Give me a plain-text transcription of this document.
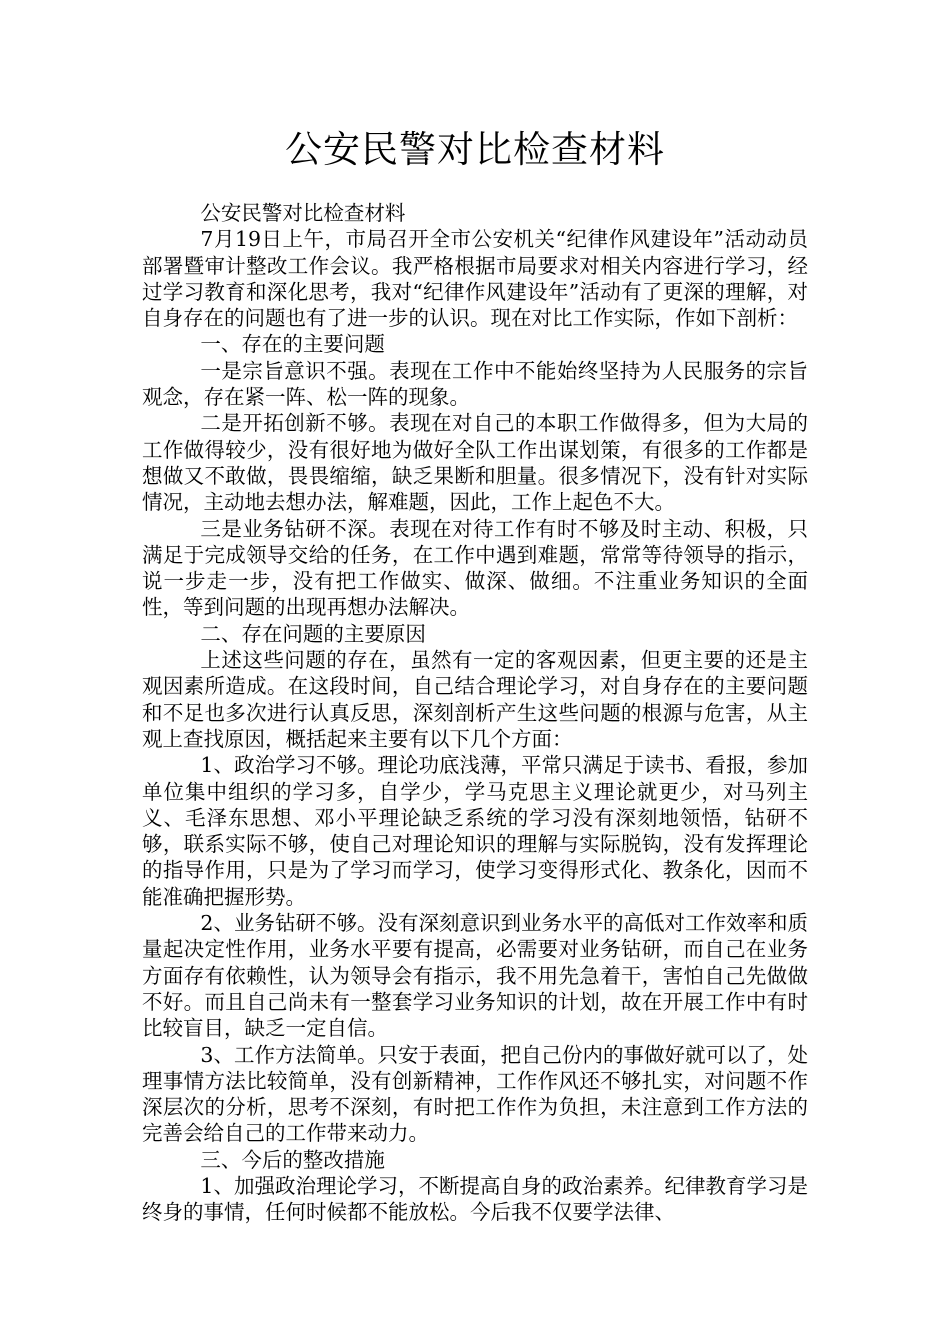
公安民警对比检查材料

公安民警对比检查材料

7月19日上午，市局召开全市公安机关“纪律作风建设年”活动动员部署暨审计整改工作会议。我严格根据市局要求对相关内容进行学习，经过学习教育和深化思考，我对“纪律作风建设年”活动有了更深的理解，对自身存在的问题也有了进一步的认识。现在对比工作实际，作如下剖析：

一、存在的主要问题

一是宗旨意识不强。表现在工作中不能始终坚持为人民服务的宗旨观念，存在紧一阵、松一阵的现象。

二是开拓创新不够。表现在对自己的本职工作做得多，但为大局的工作做得较少，没有很好地为做好全队工作出谋划策，有很多的工作都是想做又不敢做，畏畏缩缩，缺乏果断和胆量。很多情况下，没有针对实际情况，主动地去想办法，解难题，因此，工作上起色不大。

三是业务钻研不深。表现在对待工作有时不够及时主动、积极，只满足于完成领导交给的任务，在工作中遇到难题，常常等待领导的指示，说一步走一步，没有把工作做实、做深、做细。不注重业务知识的全面性，等到问题的出现再想办法解决。

二、存在问题的主要原因

上述这些问题的存在，虽然有一定的客观因素，但更主要的还是主观因素所造成。在这段时间，自己结合理论学习，对自身存在的主要问题和不足也多次进行认真反思，深刻剖析产生这些问题的根源与危害，从主观上查找原因，概括起来主要有以下几个方面：

1、政治学习不够。理论功底浅薄，平常只满足于读书、看报，参加单位集中组织的学习多，自学少，学马克思主义理论就更少，对马列主义、毛泽东思想、邓小平理论缺乏系统的学习没有深刻地领悟，钻研不够，联系实际不够，使自己对理论知识的理解与实际脱钩，没有发挥理论的指导作用，只是为了学习而学习，使学习变得形式化、教条化，因而不能准确把握形势。

2、业务钻研不够。没有深刻意识到业务水平的高低对工作效率和质量起决定性作用，业务水平要有提高，必需要对业务钻研，而自己在业务方面存有依赖性，认为领导会有指示，我不用先急着干，害怕自己先做做不好。而且自己尚未有一整套学习业务知识的计划，故在开展工作中有时比较盲目，缺乏一定自信。

3、工作方法简单。只安于表面，把自己份内的事做好就可以了，处理事情方法比较简单，没有创新精神，工作作风还不够扎实，对问题不作深层次的分析，思考不深刻，有时把工作作为负担，未注意到工作方法的完善会给自己的工作带来动力。

三、今后的整改措施

1、加强政治理论学习，不断提高自身的政治素养。纪律教育学习是终身的事情，任何时候都不能放松。今后我不仅要学法律、
